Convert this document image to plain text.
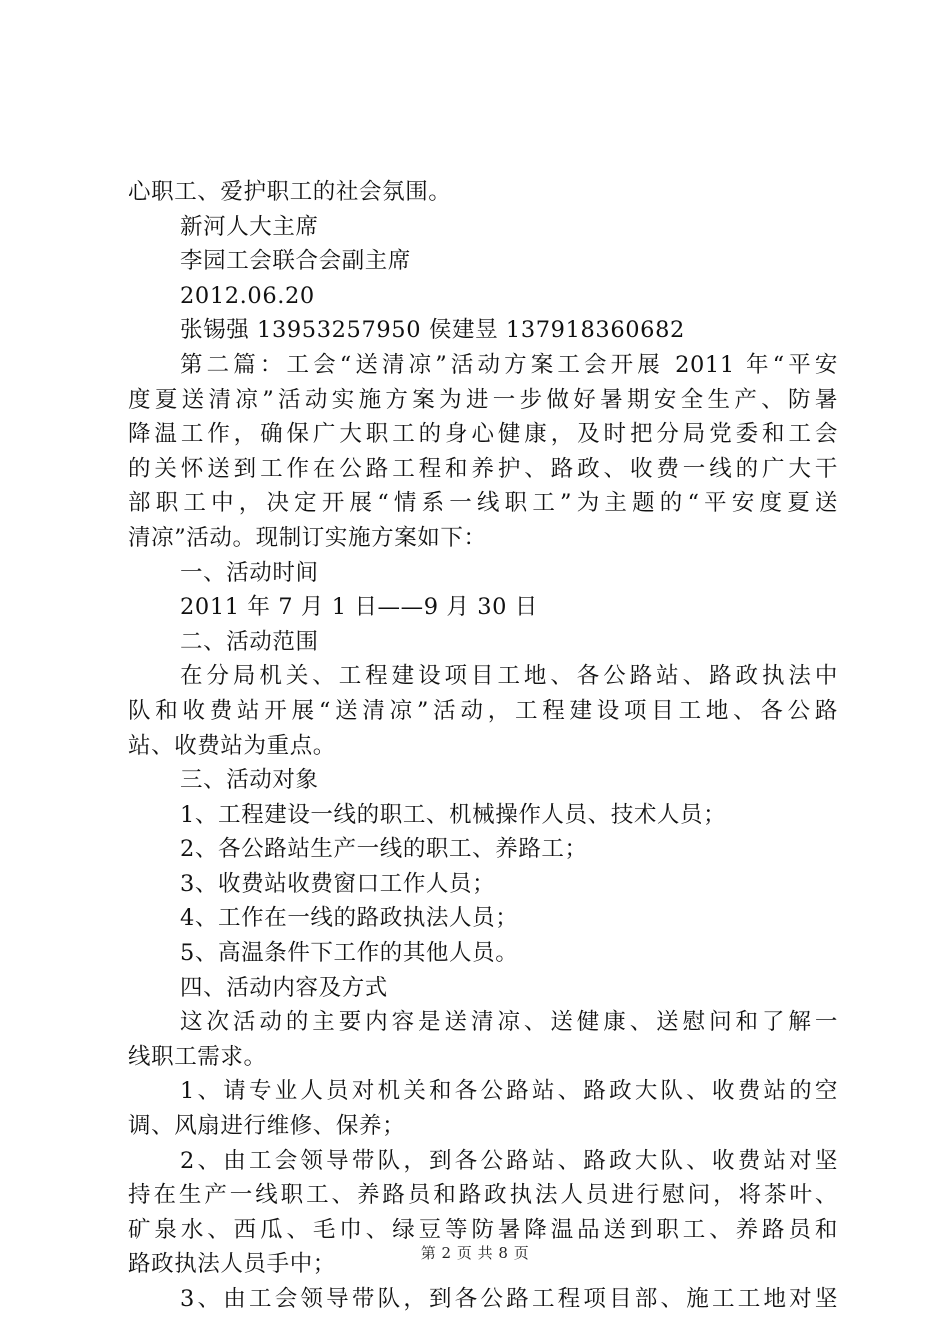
心职工、爱护职工的社会氛围。
新河人大主席
李园工会联合会副主席
2012.06.20
张锡强 13953257950 侯建昱 137918360682
第二篇：工会“送清凉”活动方案工会开展 2011 年“平安
度夏送清凉”活动实施方案为进一步做好暑期安全生产、防暑
降温工作，确保广大职工的身心健康，及时把分局党委和工会
的关怀送到工作在公路工程和养护、路政、收费一线的广大干
部职工中，决定开展“情系一线职工”为主题的“平安度夏送
清凉”活动。现制订实施方案如下：
一、活动时间
2011 年 7 月 1 日——9 月 30 日
二、活动范围
在分局机关、工程建设项目工地、各公路站、路政执法中
队和收费站开展“送清凉”活动，工程建设项目工地、各公路
站、收费站为重点。
三、活动对象
1、工程建设一线的职工、机械操作人员、技术人员；
2、各公路站生产一线的职工、养路工；
3、收费站收费窗口工作人员；
4、工作在一线的路政执法人员；
5、高温条件下工作的其他人员。
四、活动内容及方式
这次活动的主要内容是送清凉、送健康、送慰问和了解一
线职工需求。
1、请专业人员对机关和各公路站、路政大队、收费站的空
调、风扇进行维修、保养；
2、由工会领导带队，到各公路站、路政大队、收费站对坚
持在生产一线职工、养路员和路政执法人员进行慰问，将茶叶、
矿泉水、西瓜、毛巾、绿豆等防暑降温品送到职工、养路员和
路政执法人员手中；
3、由工会领导带队，到各公路工程项目部、施工工地对坚
第 2 页 共 8 页
